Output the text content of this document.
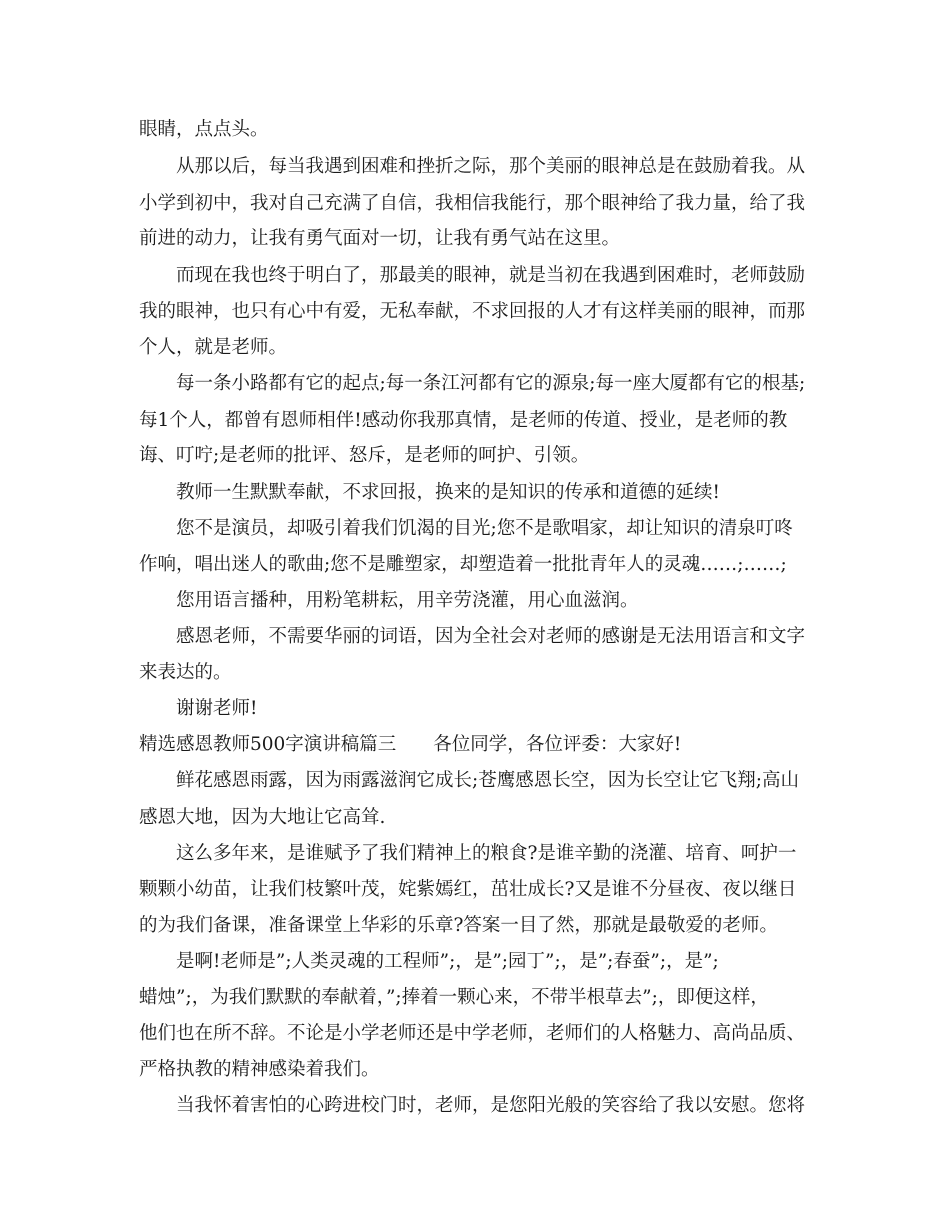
眼睛，点点头。
从那以后，每当我遇到困难和挫折之际，那个美丽的眼神总是在鼓励着我。从
小学到初中，我对自己充满了自信，我相信我能行，那个眼神给了我力量，给了我
前进的动力，让我有勇气面对一切，让我有勇气站在这里。
而现在我也终于明白了，那最美的眼神，就是当初在我遇到困难时，老师鼓励
我的眼神，也只有心中有爱，无私奉献，不求回报的人才有这样美丽的眼神，而那
个人，就是老师。
每一条小路都有它的起点;每一条江河都有它的源泉;每一座大厦都有它的根基;
每1个人，都曾有恩师相伴!感动你我那真情，是老师的传道、授业，是老师的教
诲、叮咛;是老师的批评、怒斥，是老师的呵护、引领。
教师一生默默奉献，不求回报，换来的是知识的传承和道德的延续!
您不是演员，却吸引着我们饥渴的目光;您不是歌唱家，却让知识的清泉叮咚
作响，唱出迷人的歌曲;您不是雕塑家，却塑造着一批批青年人的灵魂……;……;
您用语言播种，用粉笔耕耘，用辛劳浇灌，用心血滋润。
感恩老师，不需要华丽的词语，因为全社会对老师的感谢是无法用语言和文字
来表达的。
谢谢老师!
精选感恩教师500字演讲稿篇三　　各位同学，各位评委：大家好!
鲜花感恩雨露，因为雨露滋润它成长;苍鹰感恩长空，因为长空让它飞翔;高山
感恩大地，因为大地让它高耸.
这么多年来，是谁赋予了我们精神上的粮食?是谁辛勤的浇灌、培育、呵护一
颗颗小幼苗，让我们枝繁叶茂，姹紫嫣红，茁壮成长?又是谁不分昼夜、夜以继日
的为我们备课，准备课堂上华彩的乐章?答案一目了然，那就是最敬爱的老师。
是啊!老师是”;人类灵魂的工程师”;，是”;园丁”;，是”;春蚕”;，是”;
蜡烛”;，为我们默默的奉献着，”;捧着一颗心来，不带半根草去”;，即便这样，
他们也在所不辞。不论是小学老师还是中学老师，老师们的人格魅力、高尚品质、
严格执教的精神感染着我们。
当我怀着害怕的心跨进校门时，老师，是您阳光般的笑容给了我以安慰。您将
